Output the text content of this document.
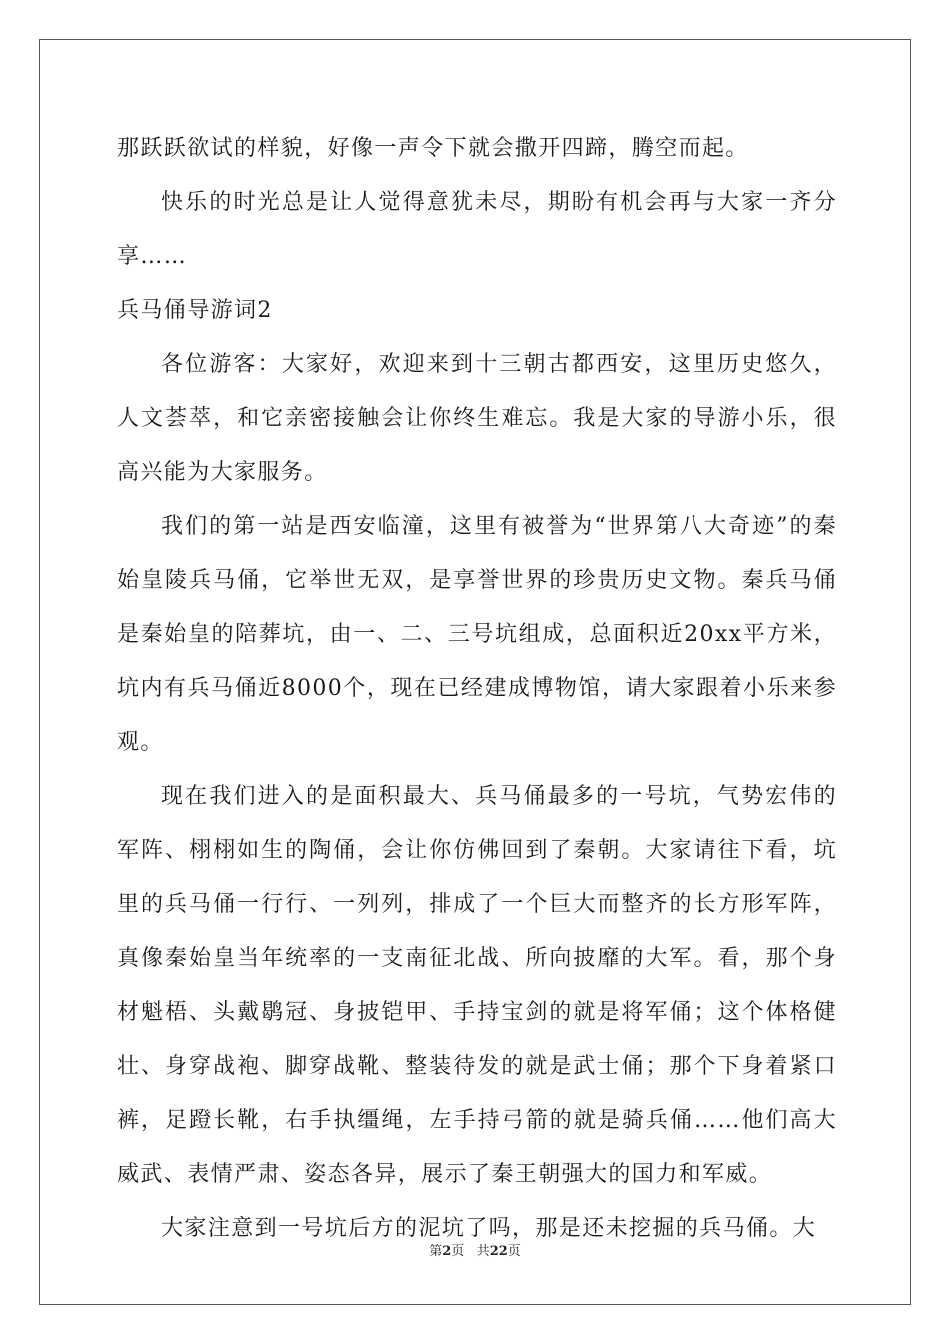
那跃跃欲试的样貌，好像一声令下就会撒开四蹄，腾空而起。

快乐的时光总是让人觉得意犹未尽，期盼有机会再与大家一齐分享……

兵马俑导游词2

各位游客：大家好，欢迎来到十三朝古都西安，这里历史悠久，人文荟萃，和它亲密接触会让你终生难忘。我是大家的导游小乐，很高兴能为大家服务。

我们的第一站是西安临潼，这里有被誉为“世界第八大奇迹”的秦始皇陵兵马俑，它举世无双，是享誉世界的珍贵历史文物。秦兵马俑是秦始皇的陪葬坑，由一、二、三号坑组成，总面积近20xx平方米，坑内有兵马俑近8000个，现在已经建成博物馆，请大家跟着小乐来参观。

现在我们进入的是面积最大、兵马俑最多的一号坑，气势宏伟的军阵、栩栩如生的陶俑，会让你仿佛回到了秦朝。大家请往下看，坑里的兵马俑一行行、一列列，排成了一个巨大而整齐的长方形军阵，真像秦始皇当年统率的一支南征北战、所向披靡的大军。看，那个身材魁梧、头戴鹖冠、身披铠甲、手持宝剑的就是将军俑；这个体格健壮、身穿战袍、脚穿战靴、整装待发的就是武士俑；那个下身着紧口裤，足蹬长靴，右手执缰绳，左手持弓箭的就是骑兵俑……他们高大威武、表情严肃、姿态各异，展示了秦王朝强大的国力和军威。

大家注意到一号坑后方的泥坑了吗，那是还未挖掘的兵马俑。大

第2页 共22页
